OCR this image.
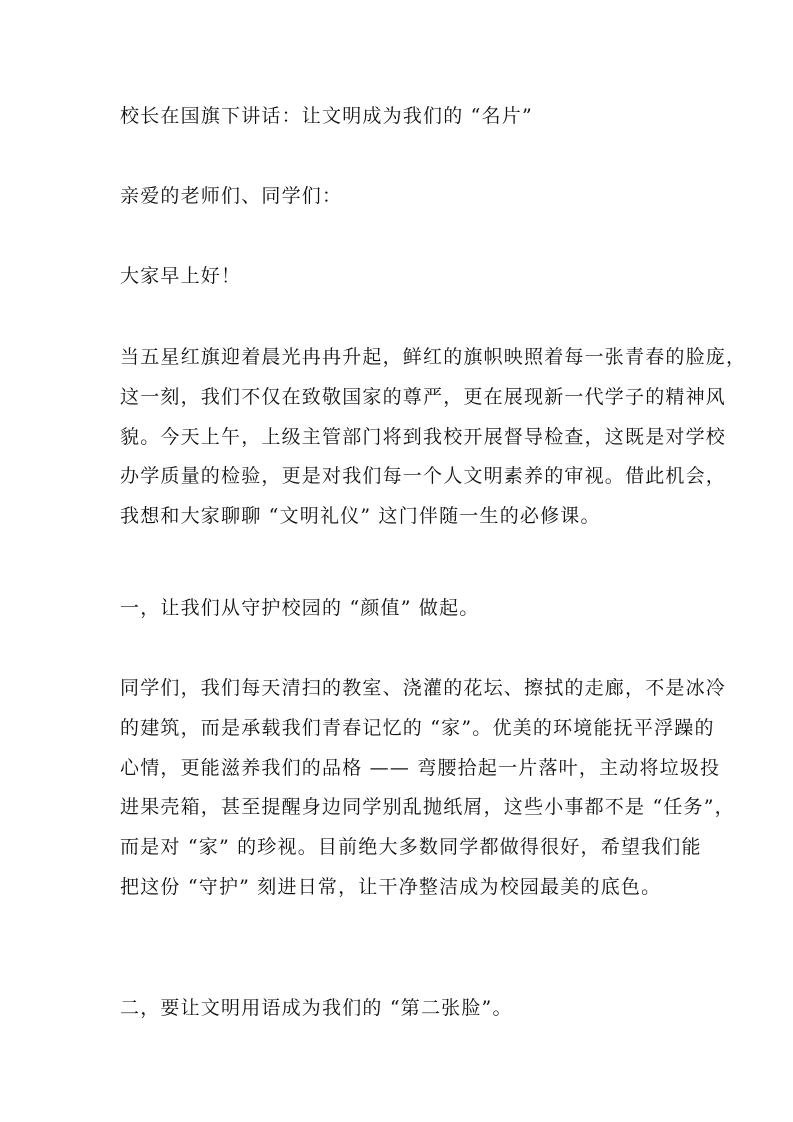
校长在国旗下讲话：让文明成为我们的 “名片”
亲爱的老师们、同学们：
大家早上好！
当五星红旗迎着晨光冉冉升起，鲜红的旗帜映照着每一张青春的脸庞，
这一刻，我们不仅在致敬国家的尊严，更在展现新一代学子的精神风
貌。今天上午，上级主管部门将到我校开展督导检查，这既是对学校
办学质量的检验，更是对我们每一个人文明素养的审视。借此机会，
我想和大家聊聊 “文明礼仪” 这门伴随一生的必修课。
一，让我们从守护校园的 “颜值” 做起。
同学们，我们每天清扫的教室、浇灌的花坛、擦拭的走廊，不是冰冷
的建筑，而是承载我们青春记忆的 “家”。优美的环境能抚平浮躁的
心情，更能滋养我们的品格 —— 弯腰拾起一片落叶，主动将垃圾投
进果壳箱，甚至提醒身边同学别乱抛纸屑，这些小事都不是 “任务”，
而是对 “家” 的珍视。目前绝大多数同学都做得很好，希望我们能
把这份 “守护” 刻进日常，让干净整洁成为校园最美的底色。
二，要让文明用语成为我们的 “第二张脸”。
